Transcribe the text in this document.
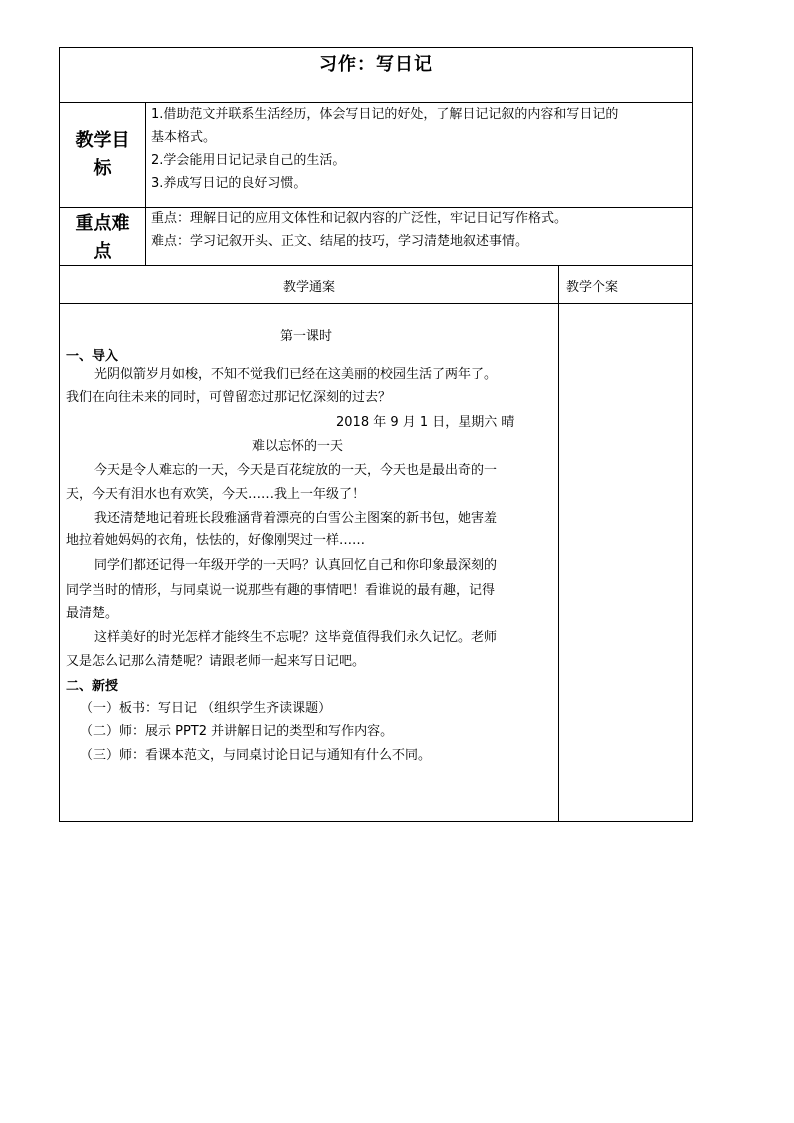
习作：写日记
教学目
标
1.借助范文并联系生活经历，体会写日记的好处，了解日记记叙的内容和写日记的
基本格式。
2.学会能用日记记录自己的生活。
3.养成写日记的良好习惯。
重点难
点
重点：理解日记的应用文体性和记叙内容的广泛性，牢记日记写作格式。
难点：学习记叙开头、正文、结尾的技巧，学习清楚地叙述事情。
教学通案	教学个案
第一课时
一、导入
光阴似箭岁月如梭，不知不觉我们已经在这美丽的校园生活了两年了。
我们在向往未来的同时，可曾留恋过那记忆深刻的过去？
2018 年 9 月 1 日，星期六 晴
难以忘怀的一天
今天是令人难忘的一天，今天是百花绽放的一天，今天也是最出奇的一
天，今天有泪水也有欢笑，今天……我上一年级了！
我还清楚地记着班长段雅涵背着漂亮的白雪公主图案的新书包，她害羞
地拉着她妈妈的衣角，怯怯的，好像刚哭过一样……
同学们都还记得一年级开学的一天吗？认真回忆自己和你印象最深刻的
同学当时的情形，与同桌说一说那些有趣的事情吧！看谁说的最有趣，记得
最清楚。
这样美好的时光怎样才能终生不忘呢？这毕竟值得我们永久记忆。老师
又是怎么记那么清楚呢？请跟老师一起来写日记吧。
二、新授
（一）板书：写日记 （组织学生齐读课题）
（二）师：展示 PPT2 并讲解日记的类型和写作内容。
（三）师：看课本范文，与同桌讨论日记与通知有什么不同。
